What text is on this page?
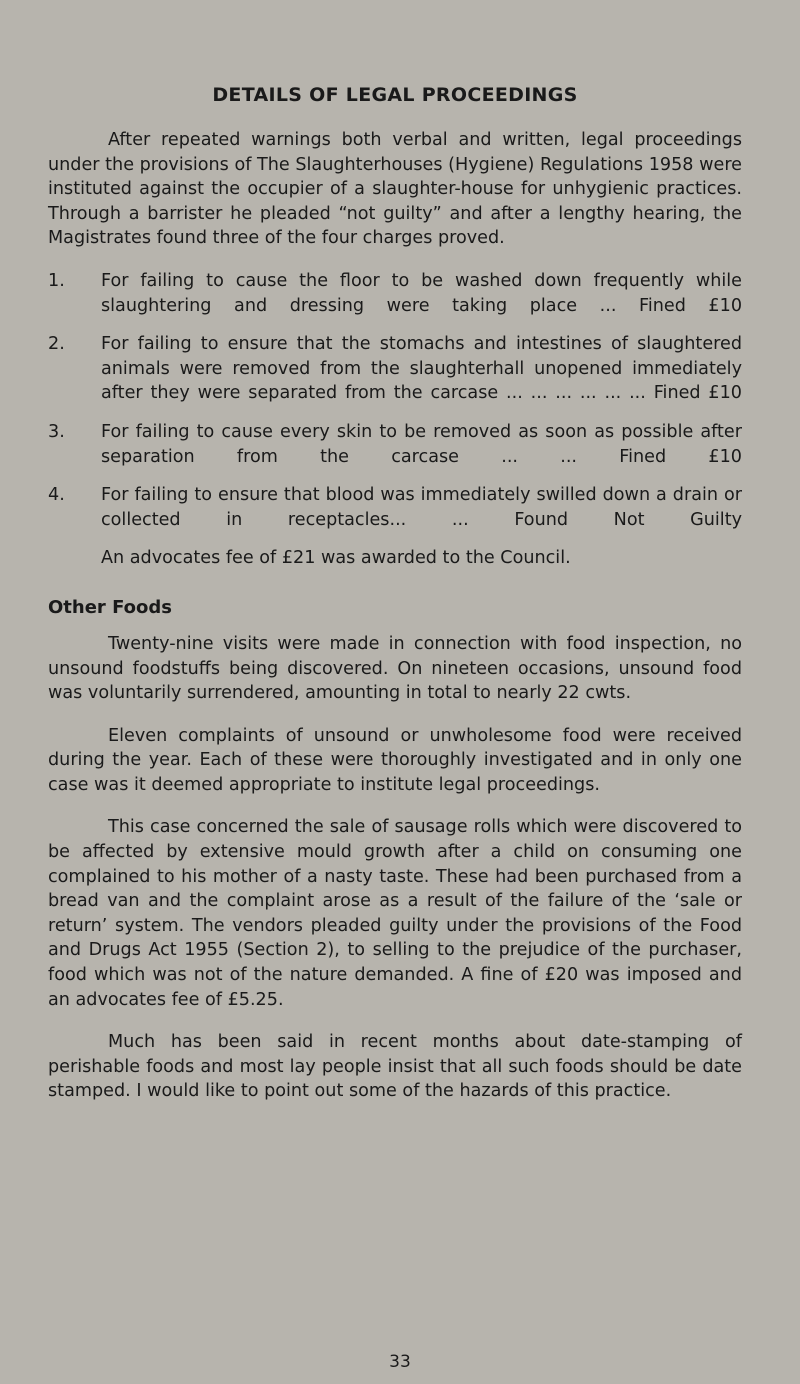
DETAILS OF LEGAL PROCEEDINGS

After repeated warnings both verbal and written, legal proceedings under the provisions of The Slaughterhouses (Hygiene) Regulations 1958 were instituted against the occupier of a slaughter-house for unhygienic practices. Through a barrister he pleaded “not guilty” and after a lengthy hearing, the Magistrates found three of the four charges proved.

1. For failing to cause the floor to be washed down frequently while slaughtering and dressing were taking place ... Fined £10
2. For failing to ensure that the stomachs and intestines of slaughtered animals were removed from the slaughterhall unopened immediately after they were separated from the carcase ... ... ... ... ... ... Fined £10
3. For failing to cause every skin to be removed as soon as possible after separation from the carcase ... ... Fined £10
4. For failing to ensure that blood was immediately swilled down a drain or collected in receptacles... ...	Found Not Guilty

An advocates fee of £21 was awarded to the Council.

Other Foods

Twenty-nine visits were made in connection with food inspection, no unsound foodstuffs being discovered. On nineteen occasions, unsound food was voluntarily surrendered, amounting in total to nearly 22 cwts.

Eleven complaints of unsound or unwholesome food were received during the year. Each of these were thoroughly investigated and in only one case was it deemed appropriate to institute legal proceedings.

This case concerned the sale of sausage rolls which were discovered to be affected by extensive mould growth after a child on consuming one complained to his mother of a nasty taste. These had been purchased from a bread van and the complaint arose as a result of the failure of the ‘sale or return’ system. The vendors pleaded guilty under the provisions of the Food and Drugs Act 1955 (Section 2), to selling to the prejudice of the purchaser, food which was not of the nature demanded. A fine of £20 was imposed and an advocates fee of £5.25.

Much has been said in recent months about date-stamping of perishable foods and most lay people insist that all such foods should be date stamped. I would like to point out some of the hazards of this practice.

33
